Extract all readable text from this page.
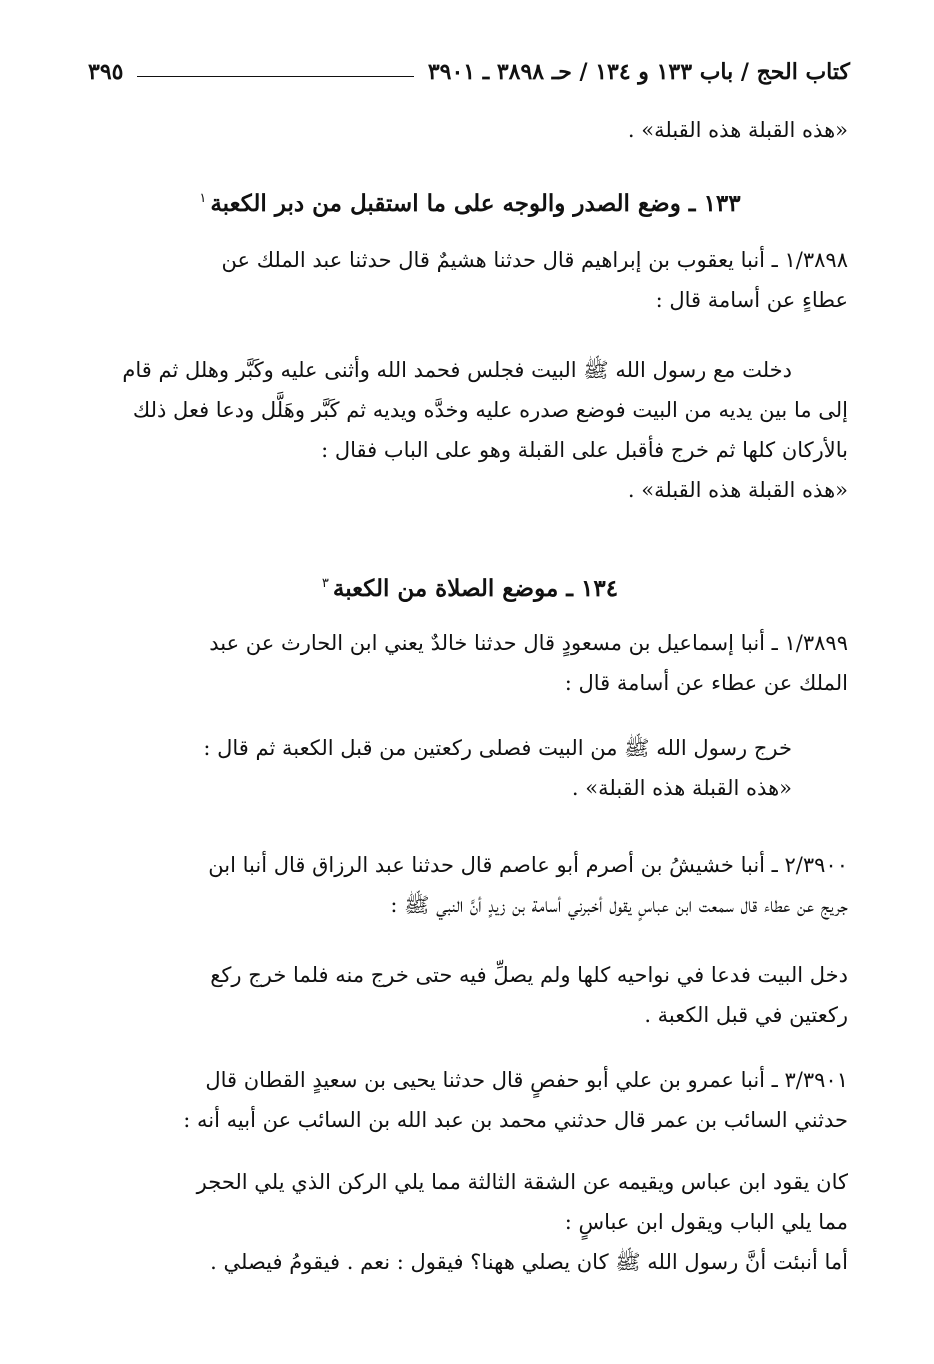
كتاب الحج / باب ١٣٣ و ١٣٤ / حـ ٣٨٩٨ ـ ٣٩٠١
٣٩٥
«هذه القبلة هذه القبلة» .
١٣٣ ـ وضع الصدر والوجه على ما استقبل من دبر الكعبة١
١/٣٨٩٨ ـ أنبا يعقوب بن إبراهيم قال حدثنا هشيمٌ قال حدثنا عبد الملك عن
عطاءٍ عن أسامة قال :
دخلت مع رسول الله ﷺ البيت فجلس فحمد الله وأثنى عليه وكَبَّر وهلل ثم قام
إلى ما بين يديه من البيت فوضع صدره عليه وخدَّه ويديه ثم كَبَّر وهَلَّل ودعا فعل ذلك
بالأركان كلها ثم خرج فأقبل على القبلة وهو على الباب فقال :
«هذه القبلة هذه القبلة» .
١٣٤ ـ موضع الصلاة من الكعبة٣
١/٣٨٩٩ ـ أنبا إسماعيل بن مسعودٍ قال حدثنا خالدٌ يعني ابن الحارث عن عبد
الملك عن عطاء عن أسامة قال :
خرج رسول الله ﷺ من البيت فصلى ركعتين من قبل الكعبة ثم قال :
«هذه القبلة هذه القبلة» .
٢/٣٩٠٠ ـ أنبا خشيشُ بن أصرم أبو عاصم قال حدثنا عبد الرزاق قال أنبا ابن
جريج عن عطاء قال سمعت ابن عباسٍ يقول أخبرني أسامة بن زيدٍ أنَّ النبي ﷺ :
دخل البيت فدعا في نواحيه كلها ولم يصلِّ فيه حتى خرج منه فلما خرج ركع
ركعتين في قبل الكعبة .
٣/٣٩٠١ ـ أنبا عمرو بن علي أبو حفصٍ قال حدثنا يحيى بن سعيدٍ القطان قال
حدثني السائب بن عمر قال حدثني محمد بن عبد الله بن السائب عن أبيه أنه :
كان يقود ابن عباس ويقيمه عن الشقة الثالثة مما يلي الركن الذي يلي الحجر
مما يلي الباب ويقول ابن عباسٍ :
أما أنبئت أنَّ رسول الله ﷺ كان يصلي ههنا؟ فيقول : نعم . فيقومُ فيصلي .
